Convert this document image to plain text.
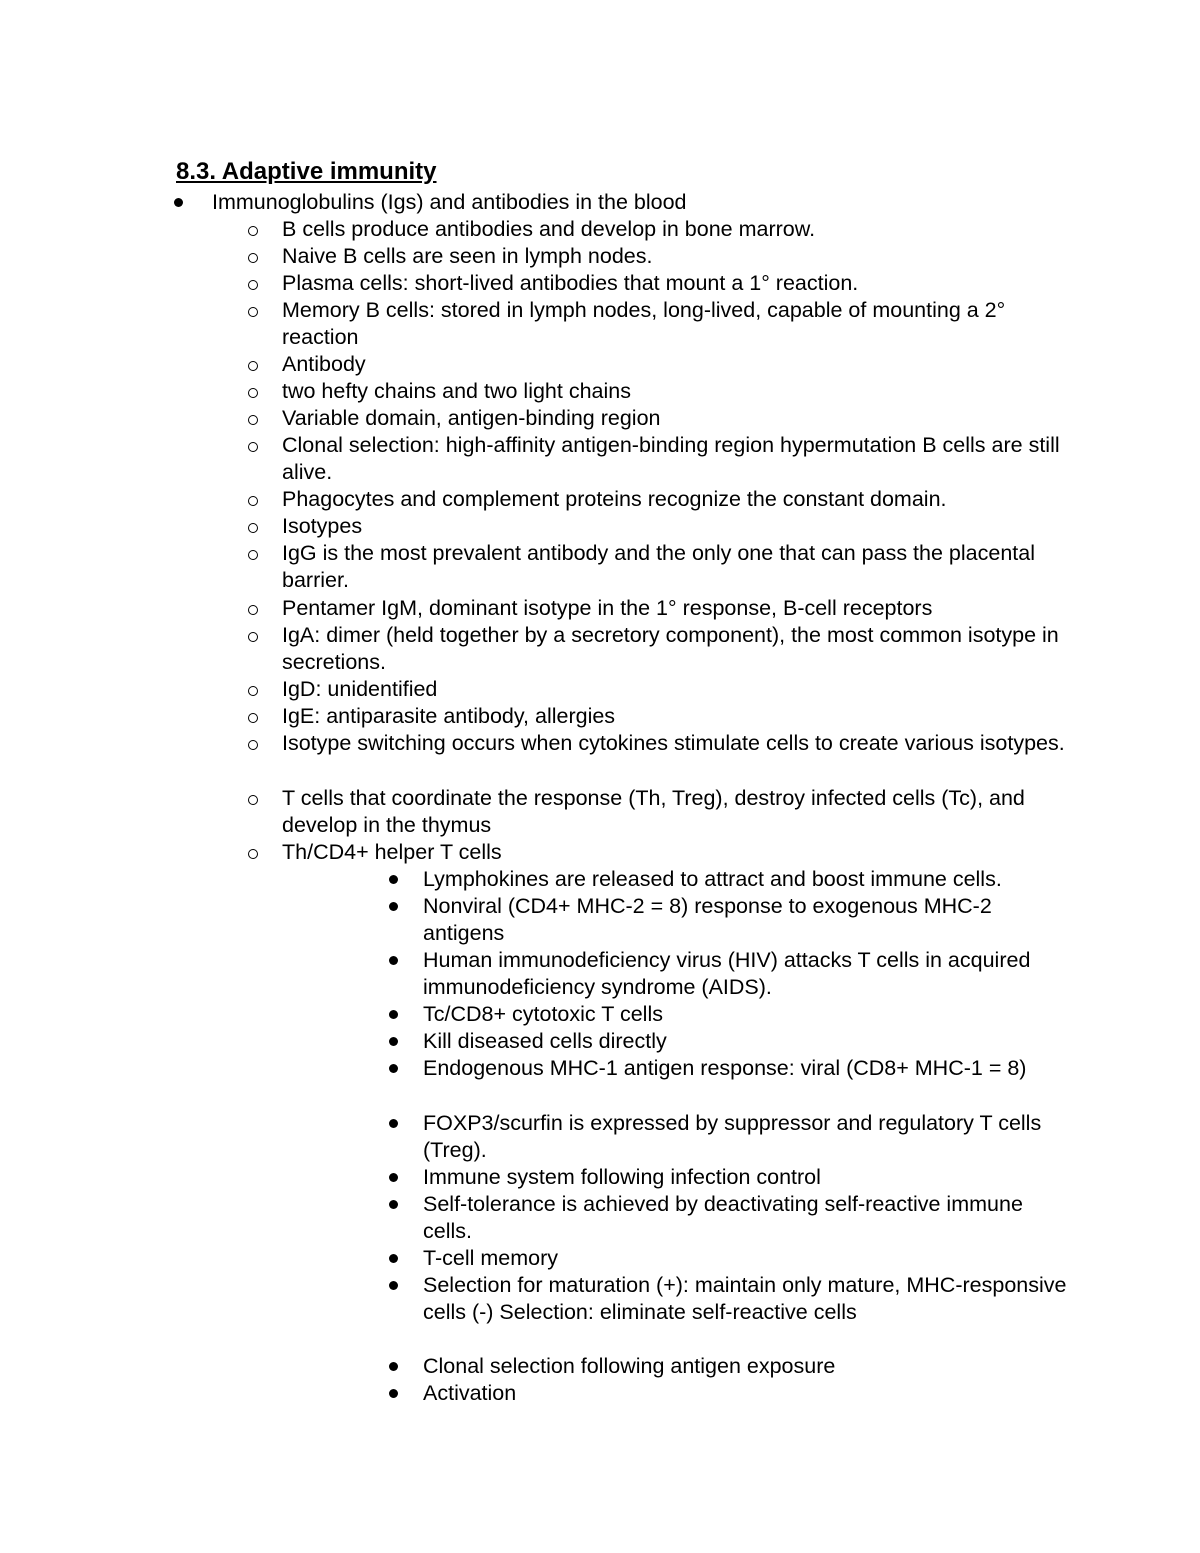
8.3. Adaptive immunity
Immunoglobulins (Igs) and antibodies in the blood
B cells produce antibodies and develop in bone marrow.
Naive B cells are seen in lymph nodes.
Plasma cells: short-lived antibodies that mount a 1° reaction.
Memory B cells: stored in lymph nodes, long-lived, capable of mounting a 2° reaction
Antibody
two hefty chains and two light chains
Variable domain, antigen-binding region
Clonal selection: high-affinity antigen-binding region hypermutation B cells are still alive.
Phagocytes and complement proteins recognize the constant domain.
Isotypes
IgG is the most prevalent antibody and the only one that can pass the placental barrier.
Pentamer IgM, dominant isotype in the 1° response, B-cell receptors
IgA: dimer (held together by a secretory component), the most common isotype in secretions.
IgD: unidentified
IgE: antiparasite antibody, allergies
Isotype switching occurs when cytokines stimulate cells to create various isotypes.
T cells that coordinate the response (Th, Treg), destroy infected cells (Tc), and develop in the thymus
Th/CD4+ helper T cells
Lymphokines are released to attract and boost immune cells.
Nonviral (CD4+ MHC-2 = 8) response to exogenous MHC-2 antigens
Human immunodeficiency virus (HIV) attacks T cells in acquired immunodeficiency syndrome (AIDS).
Tc/CD8+ cytotoxic T cells
Kill diseased cells directly
Endogenous MHC-1 antigen response: viral (CD8+ MHC-1 = 8)
FOXP3/scurfin is expressed by suppressor and regulatory T cells (Treg).
Immune system following infection control
Self-tolerance is achieved by deactivating self-reactive immune cells.
T-cell memory
Selection for maturation (+): maintain only mature, MHC-responsive cells (-) Selection: eliminate self-reactive cells
Clonal selection following antigen exposure
Activation
